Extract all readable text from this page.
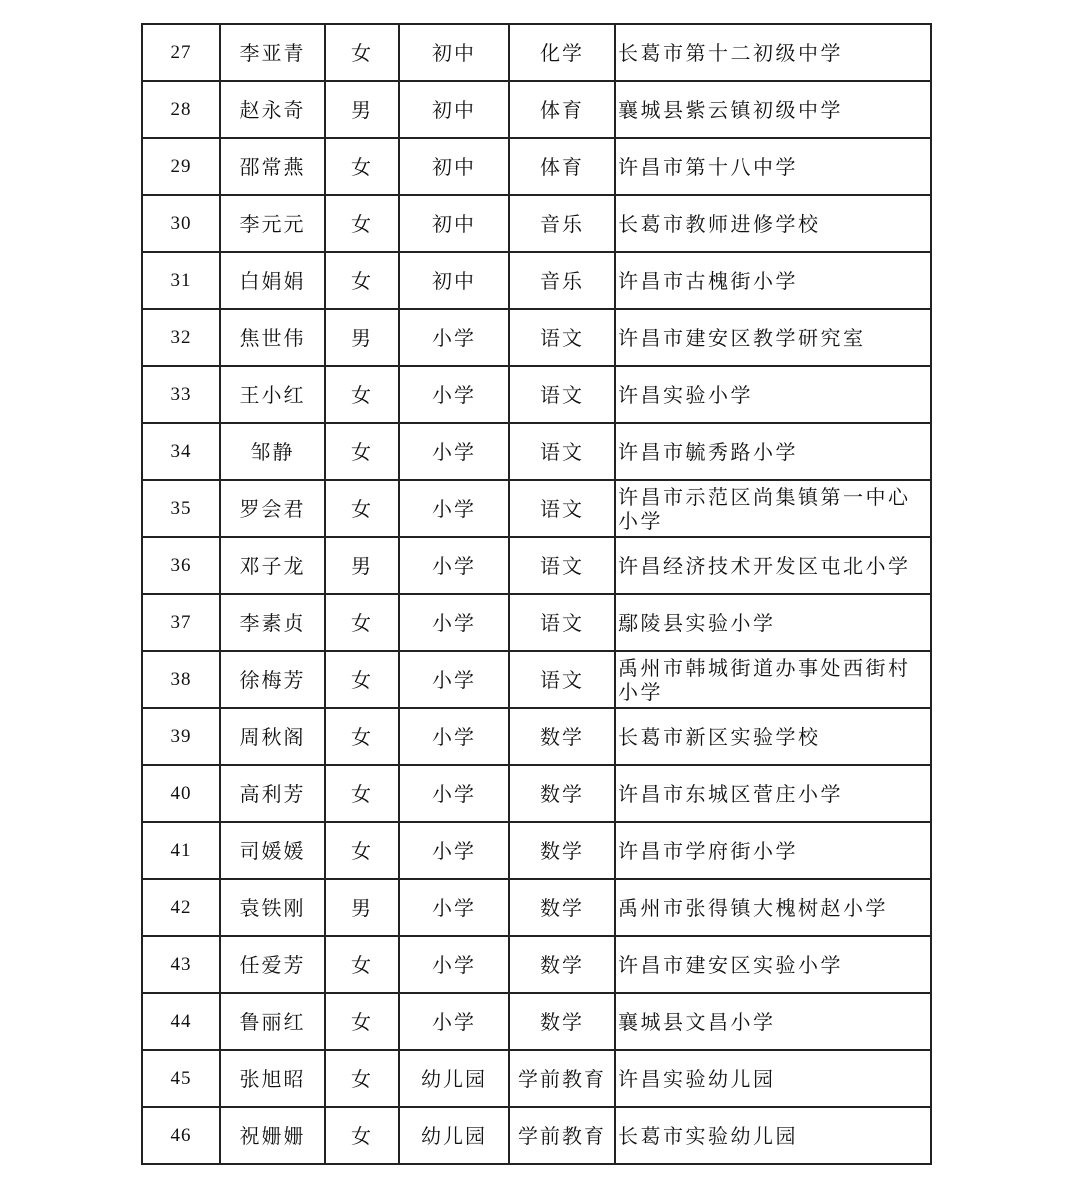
27	李亚青	女	初中	化学	长葛市第十二初级中学
28	赵永奇	男	初中	体育	襄城县紫云镇初级中学
29	邵常燕	女	初中	体育	许昌市第十八中学
30	李元元	女	初中	音乐	长葛市教师进修学校
31	白娟娟	女	初中	音乐	许昌市古槐街小学
32	焦世伟	男	小学	语文	许昌市建安区教学研究室
33	王小红	女	小学	语文	许昌实验小学
34	邹静	女	小学	语文	许昌市毓秀路小学
35	罗会君	女	小学	语文	许昌市示范区尚集镇第一中心小学
36	邓子龙	男	小学	语文	许昌经济技术开发区屯北小学
37	李素贞	女	小学	语文	鄢陵县实验小学
38	徐梅芳	女	小学	语文	禹州市韩城街道办事处西街村小学
39	周秋阁	女	小学	数学	长葛市新区实验学校
40	高利芳	女	小学	数学	许昌市东城区菅庄小学
41	司媛媛	女	小学	数学	许昌市学府街小学
42	袁铁刚	男	小学	数学	禹州市张得镇大槐树赵小学
43	任爱芳	女	小学	数学	许昌市建安区实验小学
44	鲁丽红	女	小学	数学	襄城县文昌小学
45	张旭昭	女	幼儿园	学前教育	许昌实验幼儿园
46	祝姗姗	女	幼儿园	学前教育	长葛市实验幼儿园
